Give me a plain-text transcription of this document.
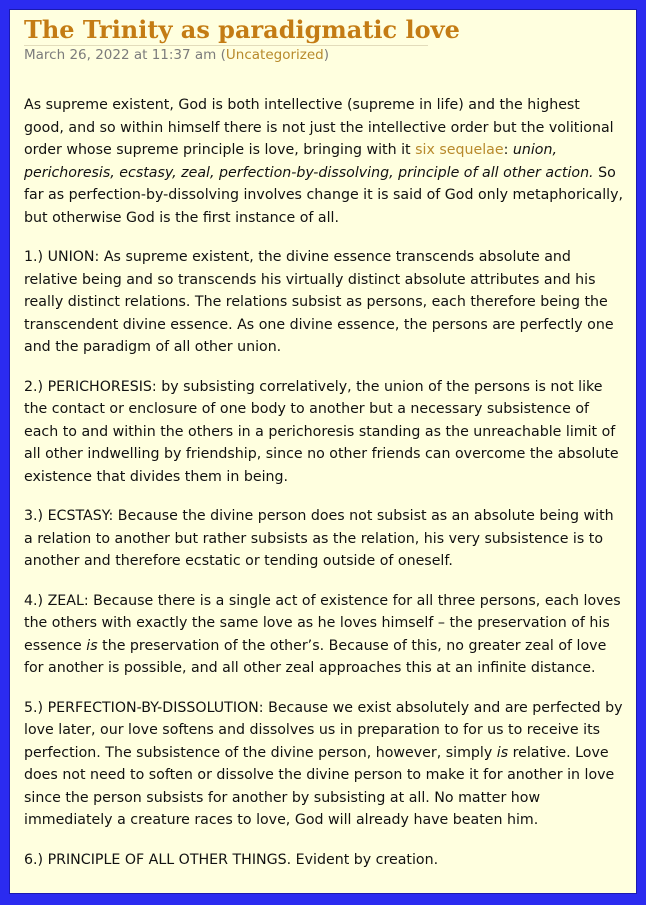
The Trinity as paradigmatic love
March 26, 2022 at 11:37 am (Uncategorized)

As supreme existent, God is both intellective (supreme in life) and the highest good, and so within himself there is not just the intellective order but the volitional order whose supreme principle is love, bringing with it six sequelae: union, perichoresis, ecstasy, zeal, perfection-by-dissolving, principle of all other action. So far as perfection-by-dissolving involves change it is said of God only metaphorically, but otherwise God is the first instance of all.

1.) UNION: As supreme existent, the divine essence transcends absolute and relative being and so transcends his virtually distinct absolute attributes and his really distinct relations. The relations subsist as persons, each therefore being the transcendent divine essence. As one divine essence, the persons are perfectly one and the paradigm of all other union.

2.) PERICHORESIS: by subsisting correlatively, the union of the persons is not like the contact or enclosure of one body to another but a necessary subsistence of each to and within the others in a perichoresis standing as the unreachable limit of all other indwelling by friendship, since no other friends can overcome the absolute existence that divides them in being.

3.) ECSTASY: Because the divine person does not subsist as an absolute being with a relation to another but rather subsists as the relation, his very subsistence is to another and therefore ecstatic or tending outside of oneself.

4.) ZEAL: Because there is a single act of existence for all three persons, each loves the others with exactly the same love as he loves himself – the preservation of his essence is the preservation of the other’s. Because of this, no greater zeal of love for another is possible, and all other zeal approaches this at an infinite distance.

5.) PERFECTION-BY-DISSOLUTION: Because we exist absolutely and are perfected by love later, our love softens and dissolves us in preparation to for us to receive its perfection. The subsistence of the divine person, however, simply is relative. Love does not need to soften or dissolve the divine person to make it for another in love since the person subsists for another by subsisting at all. No matter how immediately a creature races to love, God will already have beaten him.

6.) PRINCIPLE OF ALL OTHER THINGS. Evident by creation.
